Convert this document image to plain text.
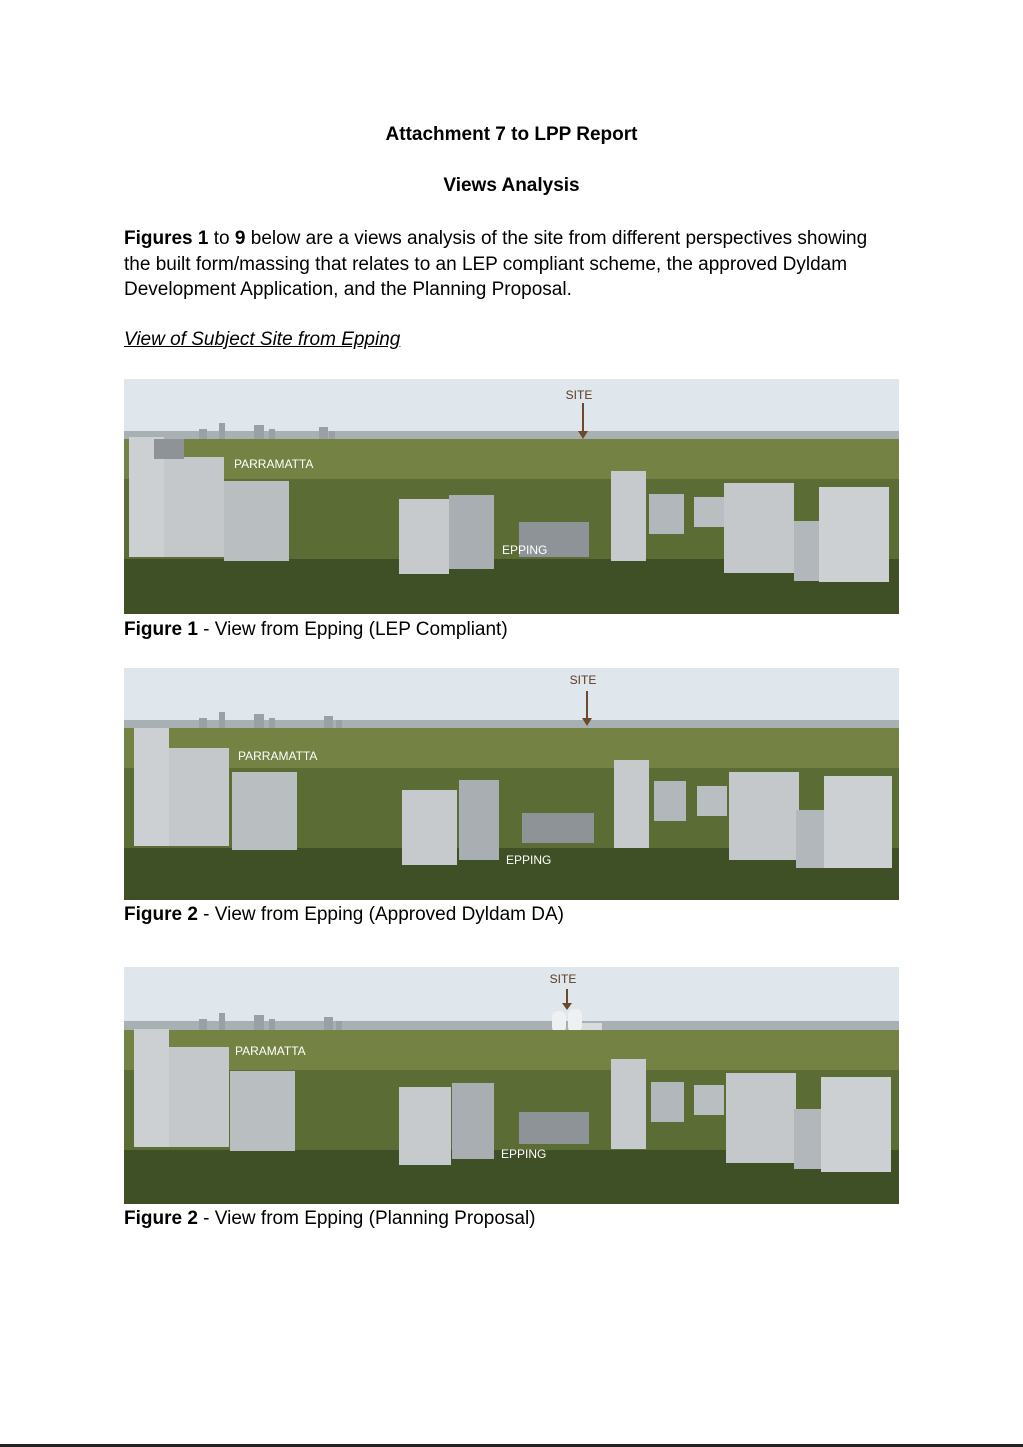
Attachment 7 to LPP Report
Views Analysis

Figures 1 to 9 below are a views analysis of the site from different perspectives showing the built form/massing that relates to an LEP compliant scheme, the approved Dyldam Development Application, and the Planning Proposal.

View of Subject Site from Epping

SITE
PARRAMATTA
EPPING

Figure 1 - View from Epping (LEP Compliant)

SITE
PARRAMATTA
EPPING

Figure 2 - View from Epping (Approved Dyldam DA)

SITE
PARAMATTA
EPPING

Figure 2 - View from Epping (Planning Proposal)
